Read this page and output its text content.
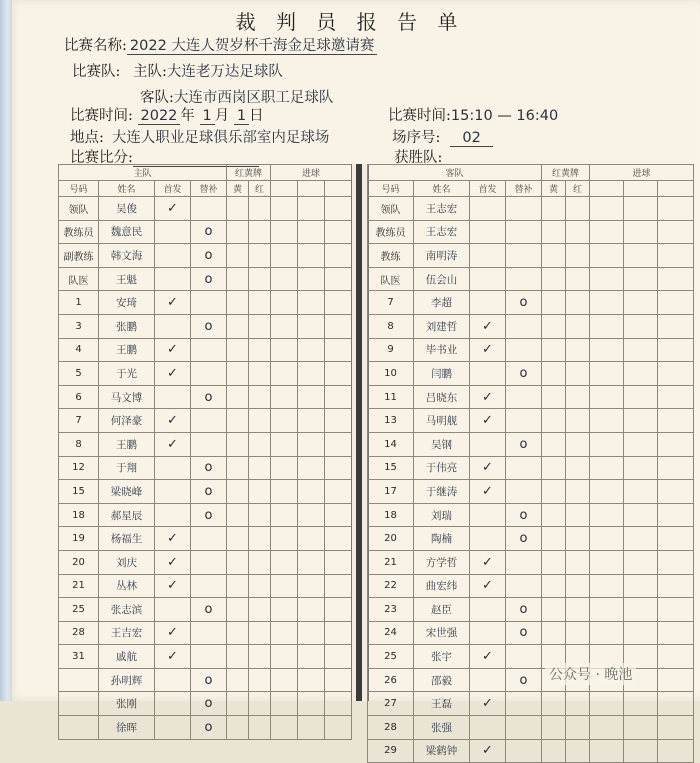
裁 判 员 报 告 单
比赛名称: 2022 大连人贺岁杯千海金足球邀请赛
比赛队: 主队:大连老万达足球队
客队:大连市西岗区职工足球队
比赛时间: 2022 年 1 月 1 日	比赛时间:15:10 — 16:40
地点: 大连人职业足球俱乐部室内足球场	场序号: 02
比赛比分:	获胜队:
主队				红黄牌		进球		
号码	姓名	首发	替补	黄	红			
领队	吴俊	✓						
教练员	魏意民		o					
副教练	韩文海		o					
队医	王魁		o					
1	安琦	✓						
3	张鹏		o					
4	王鹏	✓						
5	于光	✓						
6	马文博		o					
7	何泽豪	✓						
8	王鹏	✓						
12	于翔		o					
15	梁晓峰		o					
18	郝星辰		o					
19	杨福生	✓						
20	刘庆	✓						
21	丛林	✓						
25	张志滨		o					
28	王吉宏	✓						
31	戚航	✓						
	孙明辉		o					
	张刚		o					
	徐晖		o					
客队				红黄牌		进球		
号码	姓名	首发	替补	黄	红			
领队	王志宏							
教练员	王志宏							
教练	南明涛							
队医	伍会山							
7	李超		o					
8	刘建哲	✓						
9	毕书业	✓						
10	闫鹏		o					
11	吕晓东	✓						
13	马明舰	✓						
14	吴钢		o					
15	于伟亮	✓						
17	于继涛	✓						
18	刘瑞		o					
20	陶楠		o					
21	方学哲	✓						
22	曲宏纬	✓						
23	赵臣		o					
24	宋世强		o					
25	张宇	✓						
26	邵毅		o					
27	王磊	✓						
28	张强							
29	梁鹤钟	✓						
公众号 · 晚池
